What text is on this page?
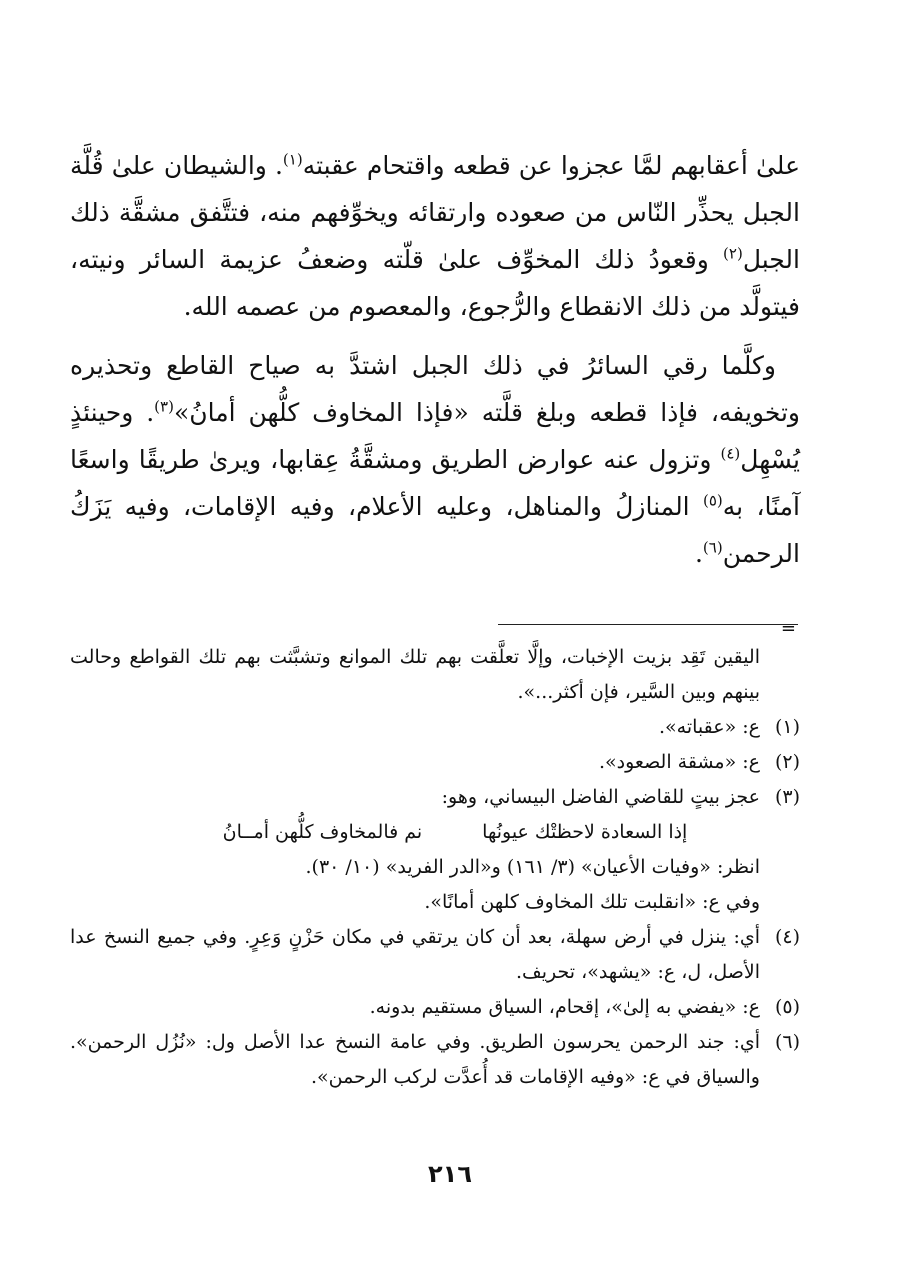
علىٰ أعقابهم لمَّا عجزوا عن قطعه واقتحام عقبته$^{(١)}$. والشيطان علىٰ قُلَّة الجبل يحذِّر النّاس من صعوده وارتقائه ويخوِّفهم منه، فتتَّفق مشقَّة ذلك الجبل$^{(٢)}$ وقعودُ ذلك المخوِّف علىٰ قلّته وضعفُ عزيمة السائر ونيته، فيتولَّد من ذلك الانقطاع والرُّجوع، والمعصوم من عصمه الله.

وكلَّما رقي السائرُ في ذلك الجبل اشتدَّ به صياح القاطع وتحذيره وتخويفه، فإذا قطعه وبلغ قلَّته «فإذا المخاوف كلُّهن أمانُ»$^{(٣)}$. وحينئذٍ يُسْهِل$^{(٤)}$ وتزول عنه عوارض الطريق ومشقَّةُ عِقابها، ويرىٰ طريقًا واسعًا آمنًا، به$^{(٥)}$ المنازلُ والمناهل، وعليه الأعلام، وفيه الإقامات، وفيه يَزَكُ الرحمن$^{(٦)}$.

=
اليقين تَقِد بزيت الإخبات، وإلَّا تعلَّقت بهم تلك الموانع وتشبَّثت بهم تلك القواطع وحالت بينهم وبين السَّير، فإن أكثر...».
(١)
ع: «عقباته».
(٢)
ع: «مشقة الصعود».
(٣)
عجز بيتٍ للقاضي الفاضل البيساني، وهو:
إذا السعادة لاحظتْك عيونُها
نم فالمخاوف كلُّهن أمــانُ
انظر: «وفيات الأعيان» (٣/ ١٦١) و«الدر الفريد» (١٠/ ٣٠).
وفي ع: «انقلبت تلك المخاوف كلهن أمانًا».
(٤)
أي: ينزل في أرض سهلة، بعد أن كان يرتقي في مكان حَزْنٍ وَعِرٍ. وفي جميع النسخ عدا الأصل، ل، ع: «يشهد»، تحريف.
(٥)
ع: «يفضي به إلىٰ»، إقحام، السياق مستقيم بدونه.
(٦)
أي: جند الرحمن يحرسون الطريق. وفي عامة النسخ عدا الأصل ول: «نُزُل الرحمن». والسياق في ع: «وفيه الإقامات قد أُعدَّت لركب الرحمن».
٢١٦
